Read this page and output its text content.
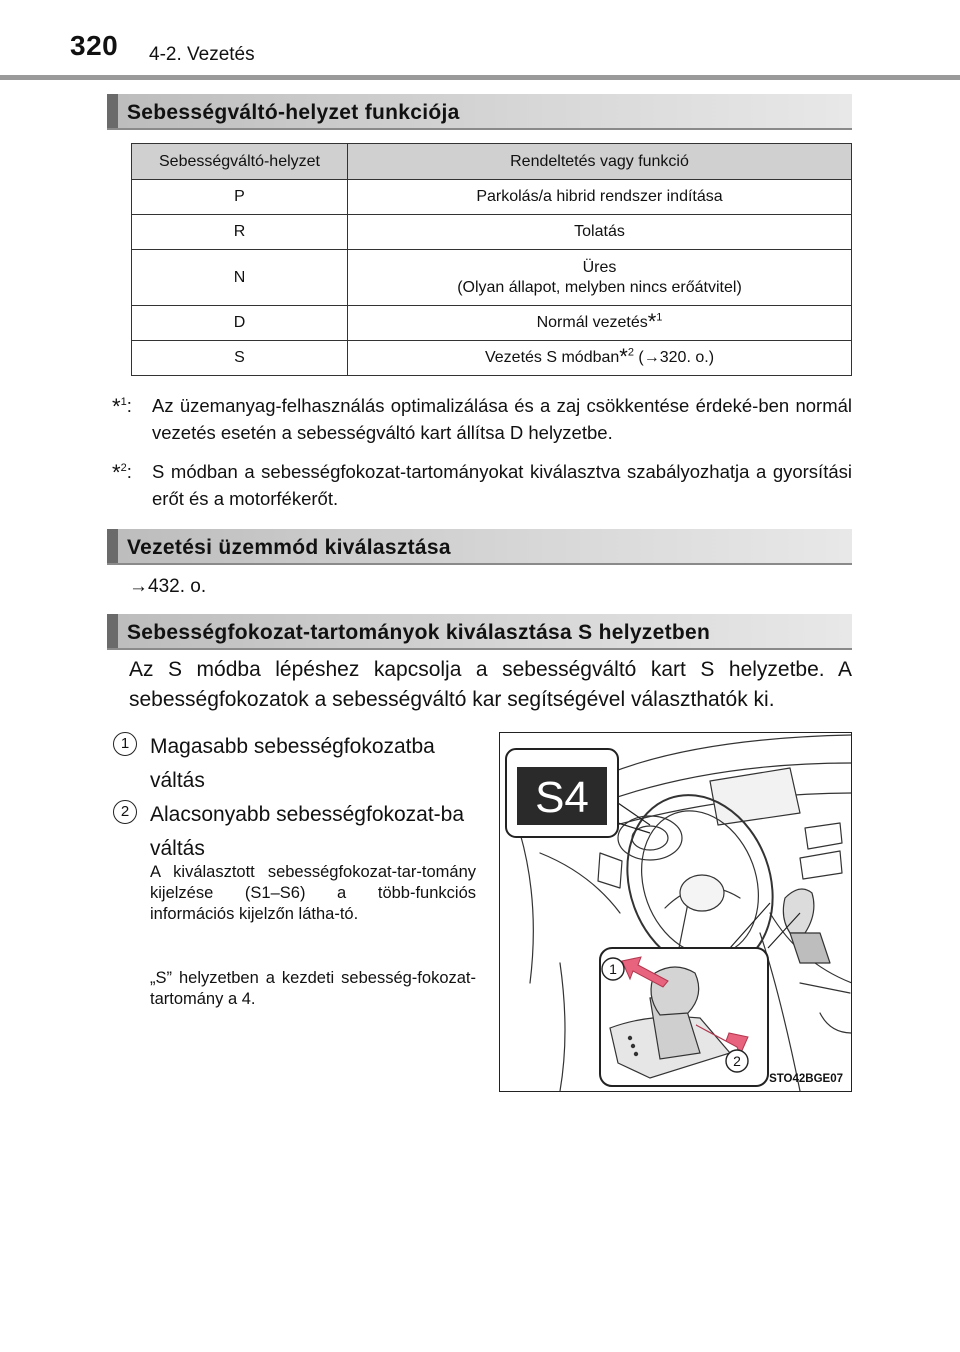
320 4-2. Vezetés
Sebességváltó-helyzet funkciója
Sebességváltó-helyzet	Rendeltetés vagy funkció
P	Parkolás/a hibrid rendszer indítása
R	Tolatás
N	Üres
(Olyan állapot, melyben nincs erőátvitel)
D	Normál vezetés*$^1$
S	Vezetés S módban*$^2$ (→320. o.)
*$^1$: Az üzemanyag-felhasználás optimalizálása és a zaj csökkentése érdeké-ben normál vezetés esetén a sebességváltó kart állítsa D helyzetbe.
*$^2$: S módban a sebességfokozat-tartományokat kiválasztva szabályozhatja a gyorsítási erőt és a motorfékerőt.
Vezetési üzemmód kiválasztása
→432. o.
Sebességfokozat-tartományok kiválasztása S helyzetben
Az S módba lépéshez kapcsolja a sebességváltó kart S helyzetbe. A sebességfokozatok a sebességváltó kar segítségével választhatók ki.
1 Magasabb sebességfokozatba váltás
2 Alacsonyabb sebességfokozat-ba váltás
A kiválasztott sebességfokozat-tar-tomány kijelzése (S1–S6) a több-funkciós információs kijelzőn látha-tó.
„S” helyzetben a kezdeti sebesség-fokozat-tartomány a 4.
S4
1
2
STO42BGE07
